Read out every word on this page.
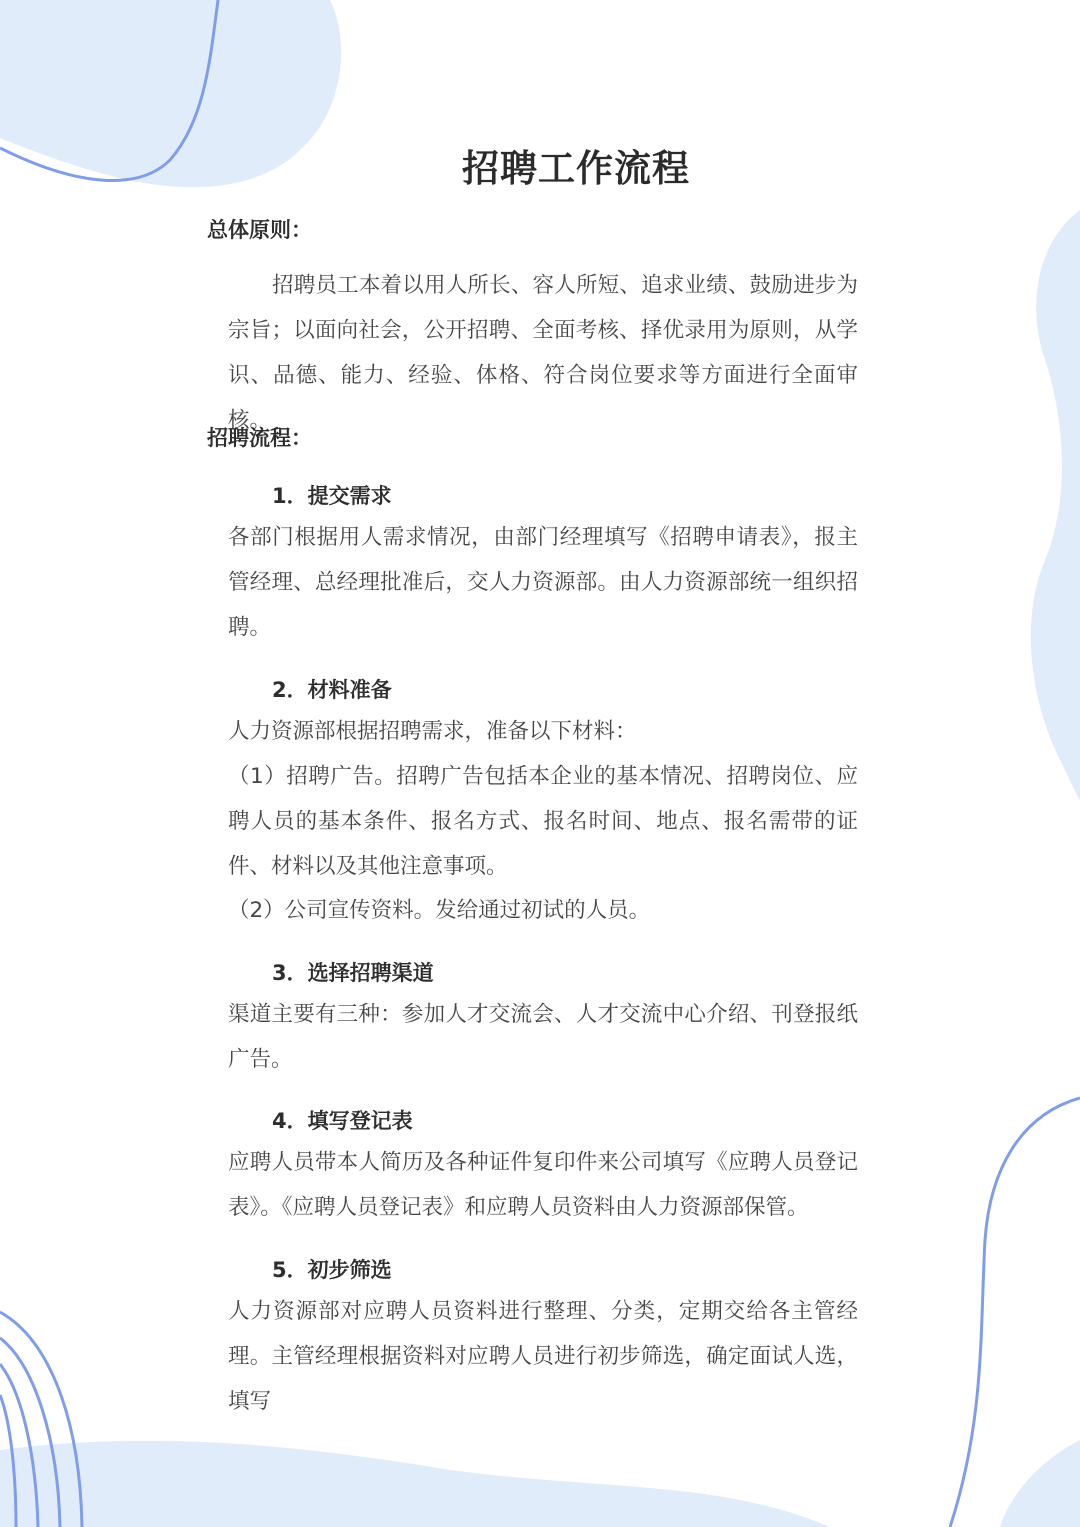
招聘工作流程
总体原则：

招聘员工本着以用人所长、容人所短、追求业绩、鼓励进步为宗旨；以面向社会，公开招聘、全面考核、择优录用为原则，从学识、品德、能力、经验、体格、符合岗位要求等方面进行全面审核。

招聘流程：
1．提交需求

各部门根据用人需求情况，由部门经理填写《招聘申请表》，报主管经理、总经理批准后，交人力资源部。由人力资源部统一组织招聘。

2．材料准备

人力资源部根据招聘需求，准备以下材料：

（1）招聘广告。招聘广告包括本企业的基本情况、招聘岗位、应聘人员的基本条件、报名方式、报名时间、地点、报名需带的证件、材料以及其他注意事项。

（2）公司宣传资料。发给通过初试的人员。

3．选择招聘渠道

渠道主要有三种：参加人才交流会、人才交流中心介绍、刊登报纸广告。

4．填写登记表

应聘人员带本人简历及各种证件复印件来公司填写《应聘人员登记表》。《应聘人员登记表》和应聘人员资料由人力资源部保管。

5．初步筛选

人力资源部对应聘人员资料进行整理、分类，定期交给各主管经理。主管经理根据资料对应聘人员进行初步筛选，确定面试人选，填写
